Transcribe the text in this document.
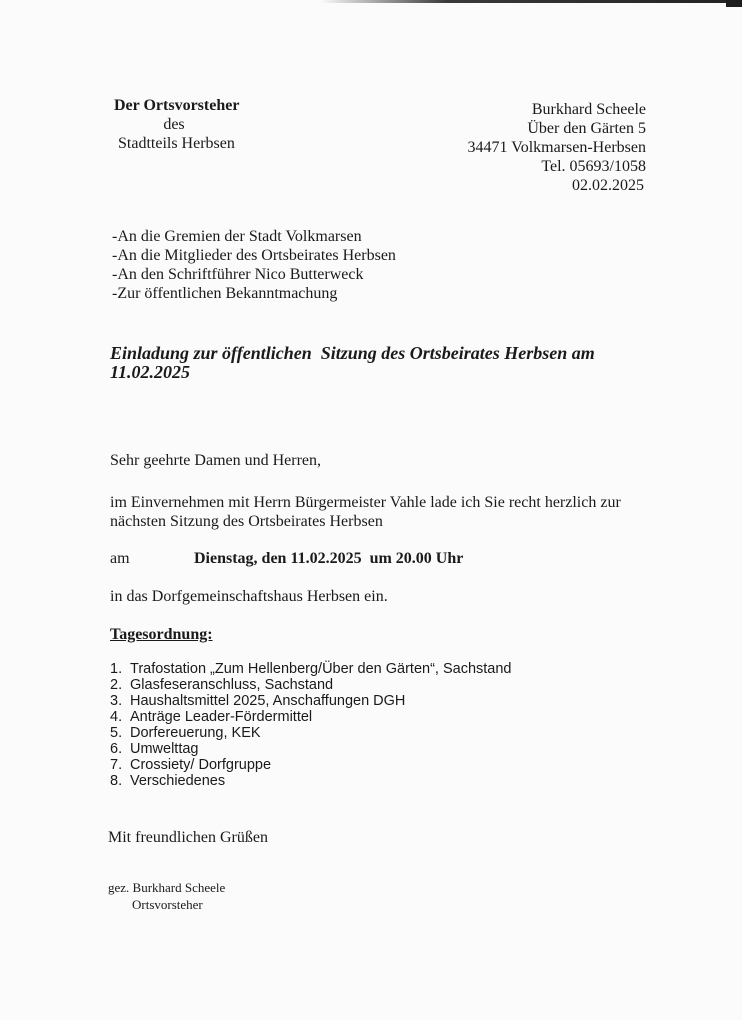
Der Ortsvorsteher
des
Stadtteils Herbsen
Burkhard Scheele
Über den Gärten 5
34471 Volkmarsen-Herbsen
Tel. 05693/1058
02.02.2025
-An die Gremien der Stadt Volkmarsen
-An die Mitglieder des Ortsbeirates Herbsen
-An den Schriftführer Nico Butterweck
-Zur öffentlichen Bekanntmachung
Einladung zur öffentlichen  Sitzung des Ortsbeirates Herbsen am
11.02.2025
Sehr geehrte Damen und Herren,
im Einvernehmen mit Herrn Bürgermeister Vahle lade ich Sie recht herzlich zur
nächsten Sitzung des Ortsbeirates Herbsen
am	Dienstag, den 11.02.2025  um 20.00 Uhr
in das Dorfgemeinschaftshaus Herbsen ein.
Tagesordnung:
1. Trafostation „Zum Hellenberg/Über den Gärten“, Sachstand
2. Glasfeseranschluss, Sachstand
3. Haushaltsmittel 2025, Anschaffungen DGH
4. Anträge Leader-Fördermittel
5. Dorfereuerung, KEK
6. Umwelttag
7. Crossiety/ Dorfgruppe
8. Verschiedenes
Mit freundlichen Grüßen
gez. Burkhard Scheele
Ortsvorsteher
